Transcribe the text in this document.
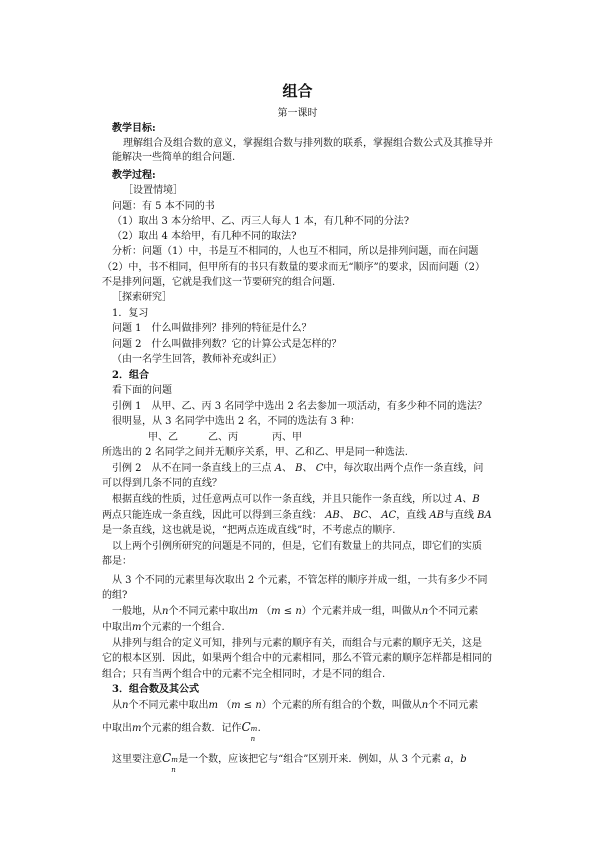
组合
第一课时
教学目标:
理解组合及组合数的意义，掌握组合数与排列数的联系，掌握组合数公式及其推导并
能解决一些简单的组合问题.
教学过程:
［设置情境］
问题：有 5 本不同的书
（1）取出 3 本分给甲、乙、丙三人每人 1 本，有几种不同的分法?
（2）取出 4 本给甲，有几种不同的取法?
分析：问题（1）中，书是互不相同的，人也互不相同，所以是排列问题，而在问题
（2）中，书不相同，但甲所有的书只有数量的要求而无“顺序”的要求，因而问题（2）
不是排列问题，它就是我们这一节要研究的组合问题.
［探索研究］
1．复习
问题 1　什么叫做排列？排列的特征是什么？
问题 2　什么叫做排列数？它的计算公式是怎样的？
（由一名学生回答，教师补充或纠正）
2．组合
看下面的问题
引例 1　从甲、乙、丙 3 名同学中选出 2 名去参加一项活动，有多少种不同的选法？
很明显，从 3 名同学中选出 2 名，不同的选法有 3 种：
甲、乙	乙、丙	丙、甲
所选出的 2 名同学之间并无顺序关系，甲、乙和乙、甲是同一种选法.
引例 2　从不在同一条直线上的三点 A、 B、 C中，每次取出两个点作一条直线，问
可以得到几条不同的直线？
根据直线的性质，过任意两点可以作一条直线，并且只能作一条直线，所以过 A、B
两点只能连成一条直线，因此可以得到三条直线： AB、 BC、 AC，直线 AB与直线 BA
是一条直线，这也就是说，“把两点连成直线”时，不考虑点的顺序.
以上两个引例所研究的问题是不同的，但是，它们有数量上的共同点，即它们的实质
都是：
从 3 个不同的元素里每次取出 2 个元素，不管怎样的顺序并成一组，一共有多少不同
的组?
一般地，从n个不同元素中取出m （m ≤ n）个元素并成一组，叫做从n个不同元素
中取出m个元素的一个组合.
从排列与组合的定义可知，排列与元素的顺序有关，而组合与元素的顺序无关，这是
它的根本区别．因此，如果两个组合中的元素相同，那么不管元素的顺序怎样都是相同的
组合；只有当两个组合中的元素不完全相同时，才是不同的组合.
3．组合数及其公式
从n个不同元素中取出m （m ≤ n）个元素的所有组合的个数，叫做从n个不同元素
中取出m个元素的组合数．记作C m
n
.
这里要注意C m
n
是一个数，应该把它与“组合”区别开来．例如，从 3 个元素 a，b
